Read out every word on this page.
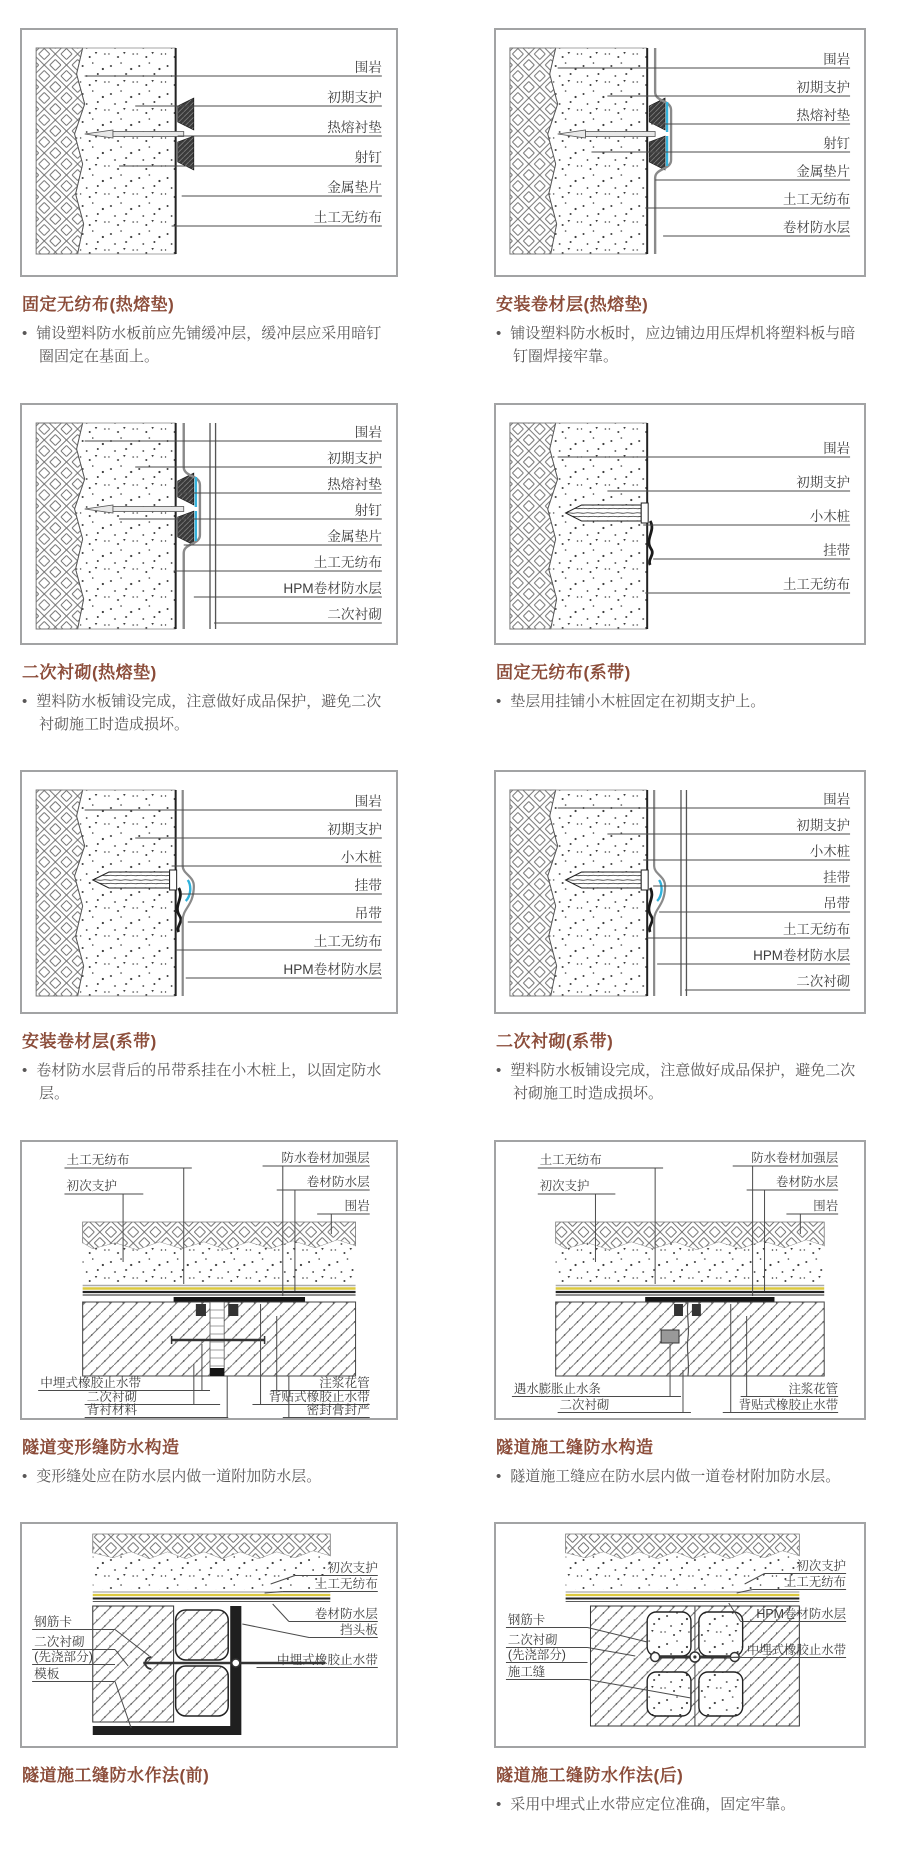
围岩
初期支护
热熔衬垫
射钉
金属垫片
土工无纺布
固定无纺布(热熔垫)
• 铺设塑料防水板前应先铺缓冲层，缓冲层应采用暗钉圈固定在基面上。
围岩
初期支护
热熔衬垫
射钉
金属垫片
土工无纺布
卷材防水层
安装卷材层(热熔垫)
• 铺设塑料防水板时，应边铺边用压焊机将塑料板与暗钉圈焊接牢靠。
围岩
初期支护
热熔衬垫
射钉
金属垫片
土工无纺布
HPM卷材防水层
二次衬砌
二次衬砌(热熔垫)
• 塑料防水板铺设完成，注意做好成品保护，避免二次衬砌施工时造成损坏。
围岩
初期支护
小木桩
挂带
土工无纺布
固定无纺布(系带)
• 垫层用挂铺小木桩固定在初期支护上。
围岩
初期支护
小木桩
挂带
吊带
土工无纺布
HPM卷材防水层
安装卷材层(系带)
• 卷材防水层背后的吊带系挂在小木桩上，以固定防水层。
围岩
初期支护
小木桩
挂带
吊带
土工无纺布
HPM卷材防水层
二次衬砌
二次衬砌(系带)
• 塑料防水板铺设完成，注意做好成品保护，避免二次衬砌施工时造成损坏。
土工无纺布
初次支护
防水卷材加强层
卷材防水层
围岩
中埋式橡胶止水带
二次衬砌
背衬材料
注浆花管
背贴式橡胶止水带
密封膏封严
隧道变形缝防水构造
• 变形缝处应在防水层内做一道附加防水层。
土工无纺布
初次支护
防水卷材加强层
卷材防水层
围岩
遇水膨胀止水条
二次衬砌
注浆花管
背贴式橡胶止水带
隧道施工缝防水构造
• 隧道施工缝应在防水层内做一道卷材附加防水层。
初次支护
土工无纺布
卷材防水层
挡头板
中埋式橡胶止水带
钢筋卡
二次衬砌
(先浇部分)
模板
隧道施工缝防水作法(前)
初次支护
土工无纺布
HPM卷材防水层
中埋式橡胶止水带
钢筋卡
二次衬砌
(先浇部分)
施工缝
隧道施工缝防水作法(后)
• 采用中埋式止水带应定位准确，固定牢靠。
